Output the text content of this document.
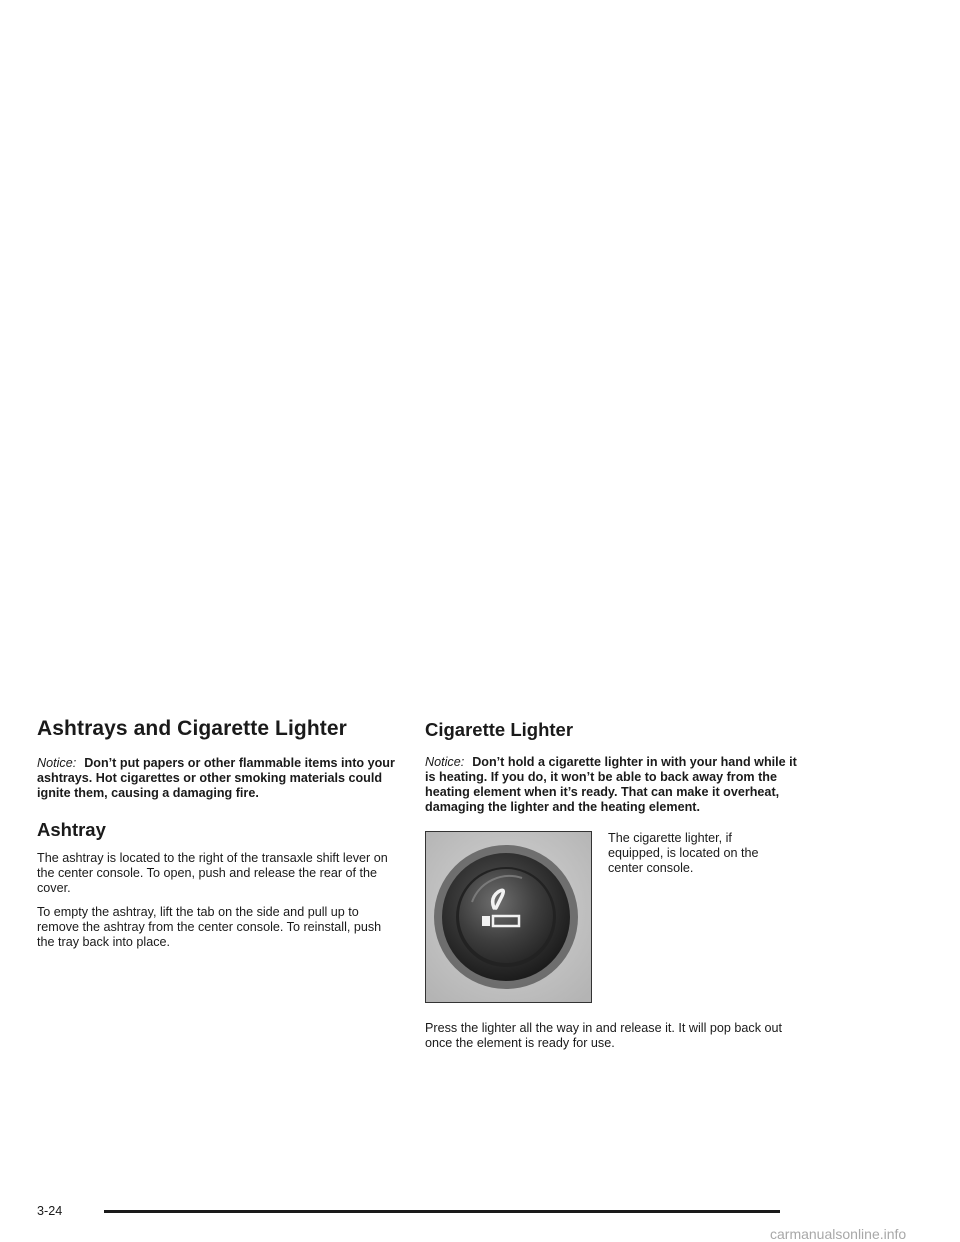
Ashtrays and Cigarette Lighter

Notice: Don’t put papers or other flammable items into your ashtrays. Hot cigarettes or other smoking materials could ignite them, causing a damaging fire.

Ashtray

The ashtray is located to the right of the transaxle shift lever on the center console. To open, push and release the rear of the cover.

To empty the ashtray, lift the tab on the side and pull up to remove the ashtray from the center console. To reinstall, push the tray back into place.

Cigarette Lighter

Notice: Don’t hold a cigarette lighter in with your hand while it is heating. If you do, it won’t be able to back away from the heating element when it’s ready. That can make it overheat, damaging the lighter and the heating element.

The cigarette lighter, if equipped, is located on the center console.

Press the lighter all the way in and release it. It will pop back out once the element is ready for use.

3-24
carmanualsonline.info
